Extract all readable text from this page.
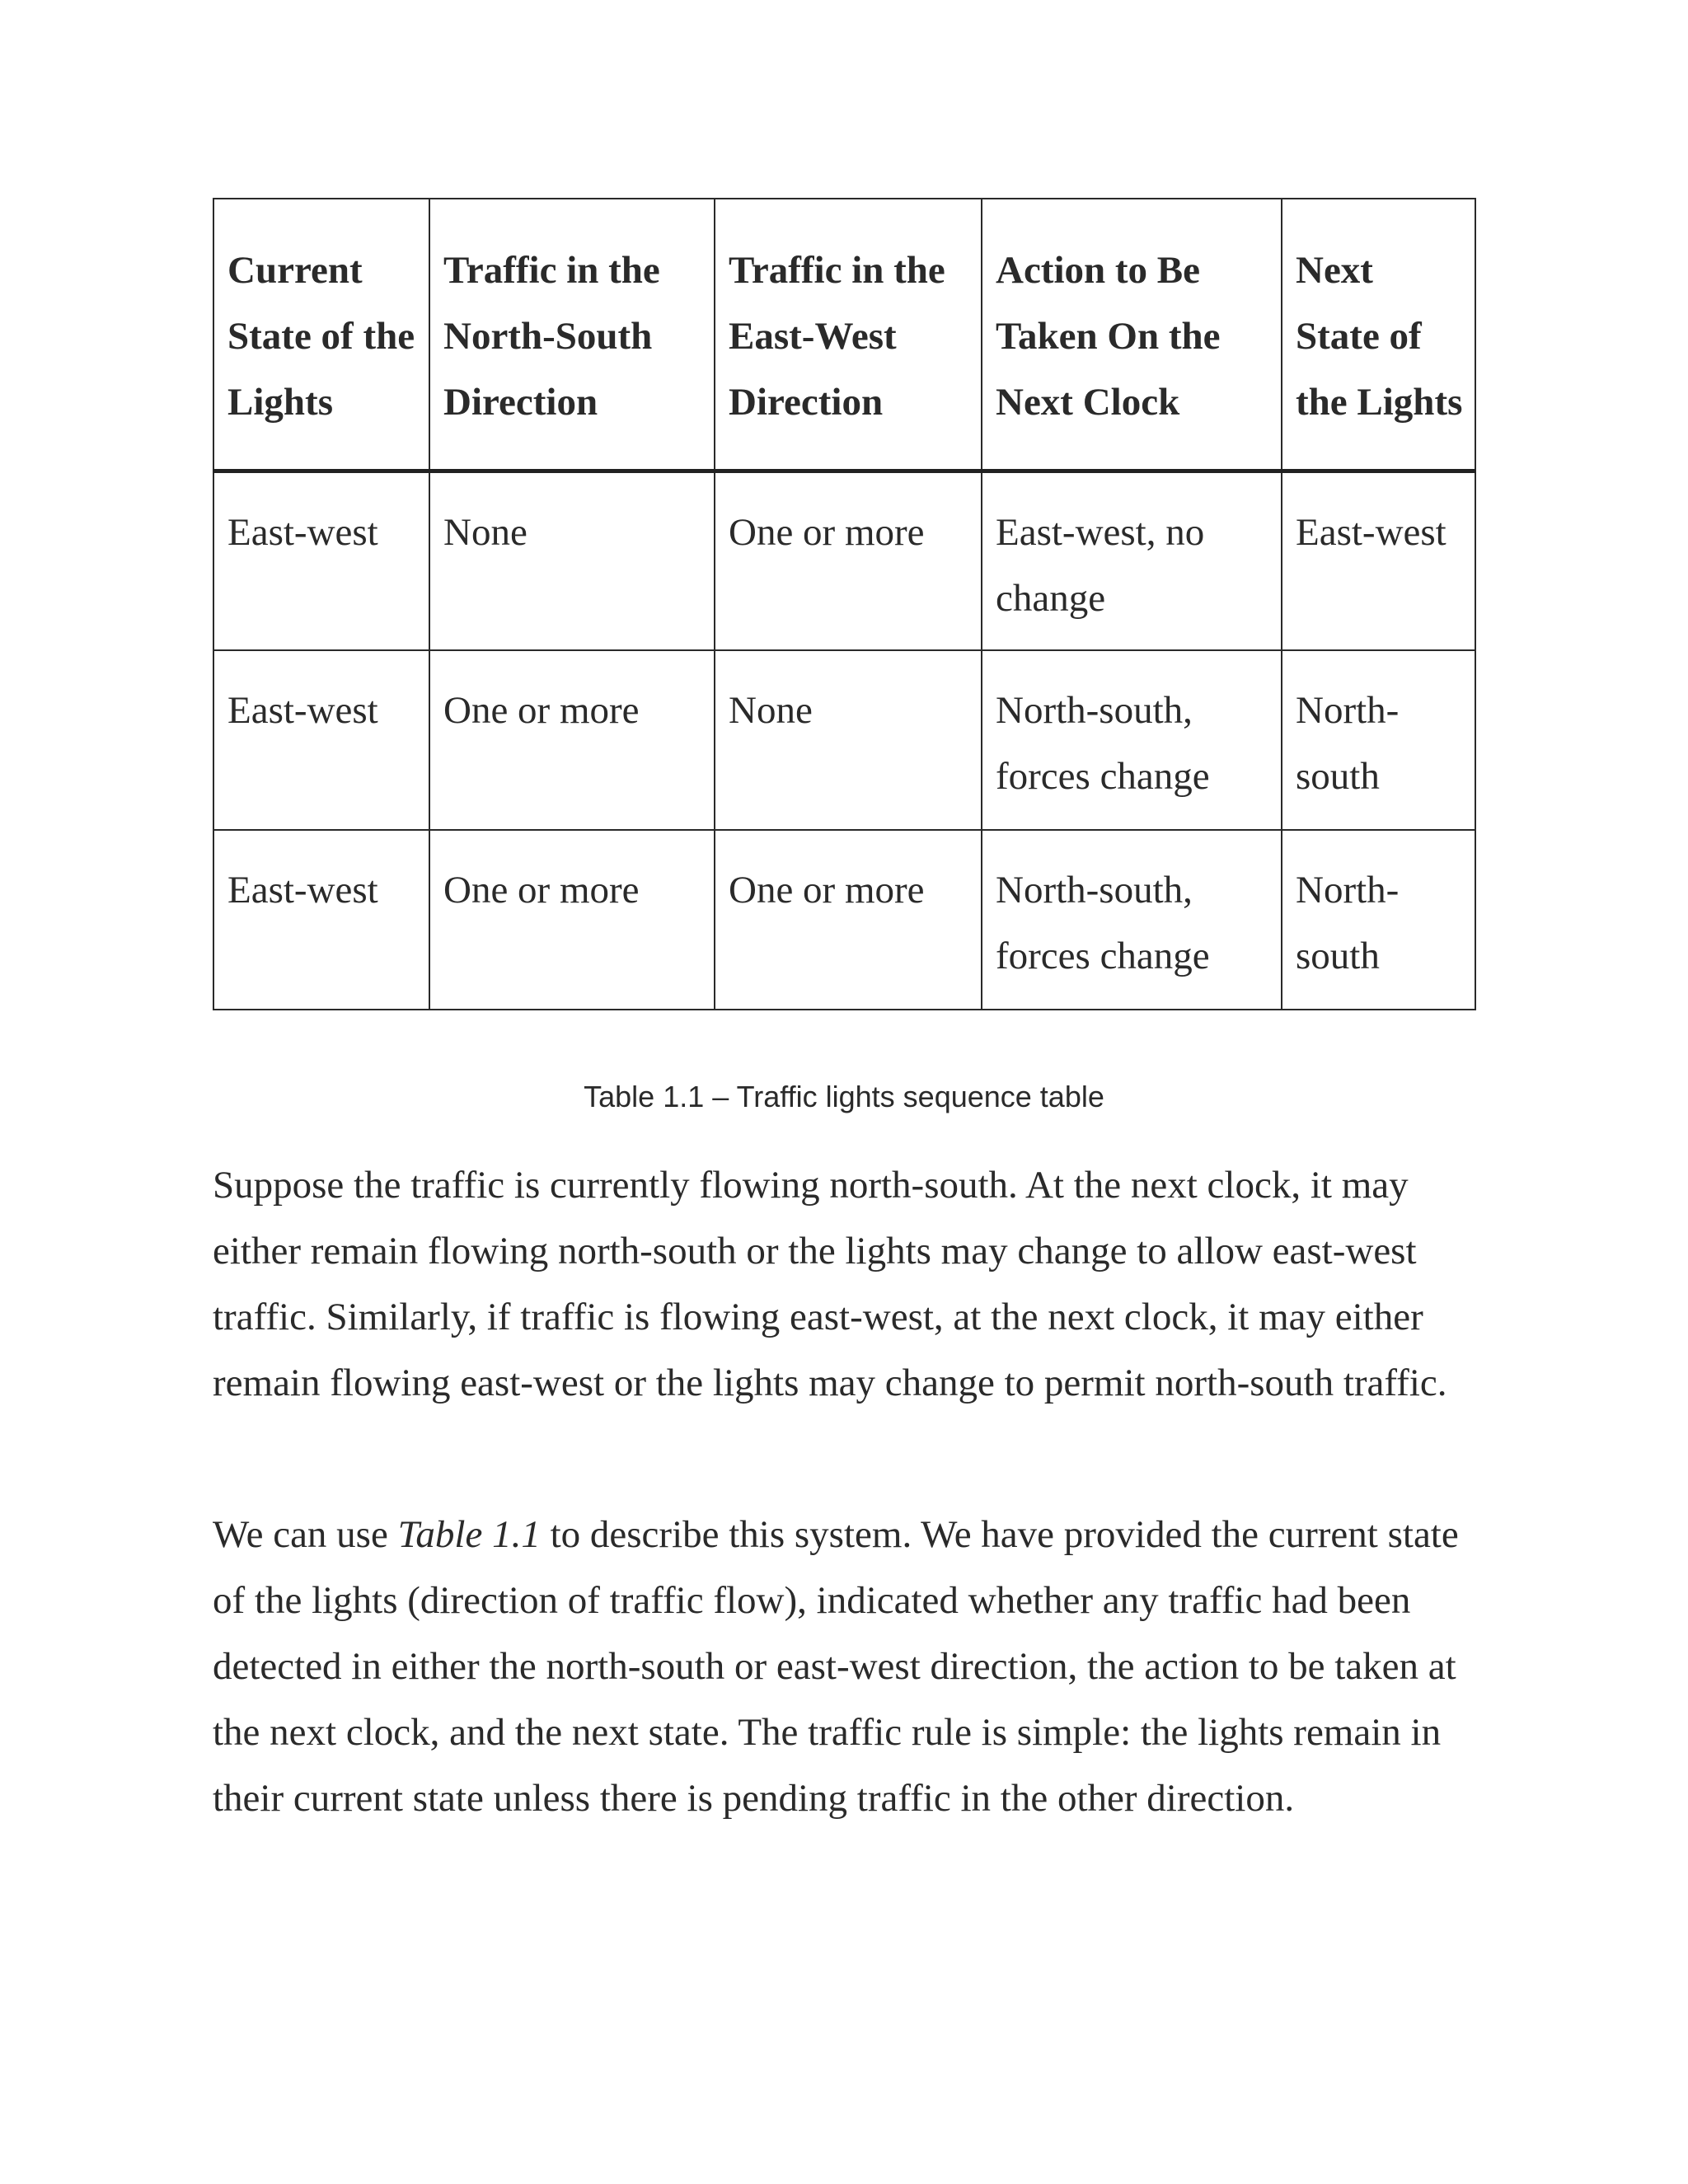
Current State of the Lights	Traffic in the North-South Direction	Traffic in the East-West Direction	Action to Be Taken On the Next Clock	Next State of the Lights
East-west	None	One or more	East-west, no change	East-west
East-west	One or more	None	North-south, forces change	North-south
East-west	One or more	One or more	North-south, forces change	North-south
Table 1.1 – Traffic lights sequence table

Suppose the traffic is currently flowing north-south. At the next clock, it may either remain flowing north-south or the lights may change to allow east-west traffic. Similarly, if traffic is flowing east-west, at the next clock, it may either remain flowing east-west or the lights may change to permit north-south traffic.

We can use Table 1.1 to describe this system. We have provided the current state of the lights (direction of traffic flow), indicated whether any traffic had been detected in either the north-south or east-west direction, the action to be taken at the next clock, and the next state. The traffic rule is simple: the lights remain in their current state unless there is pending traffic in the other direction.
